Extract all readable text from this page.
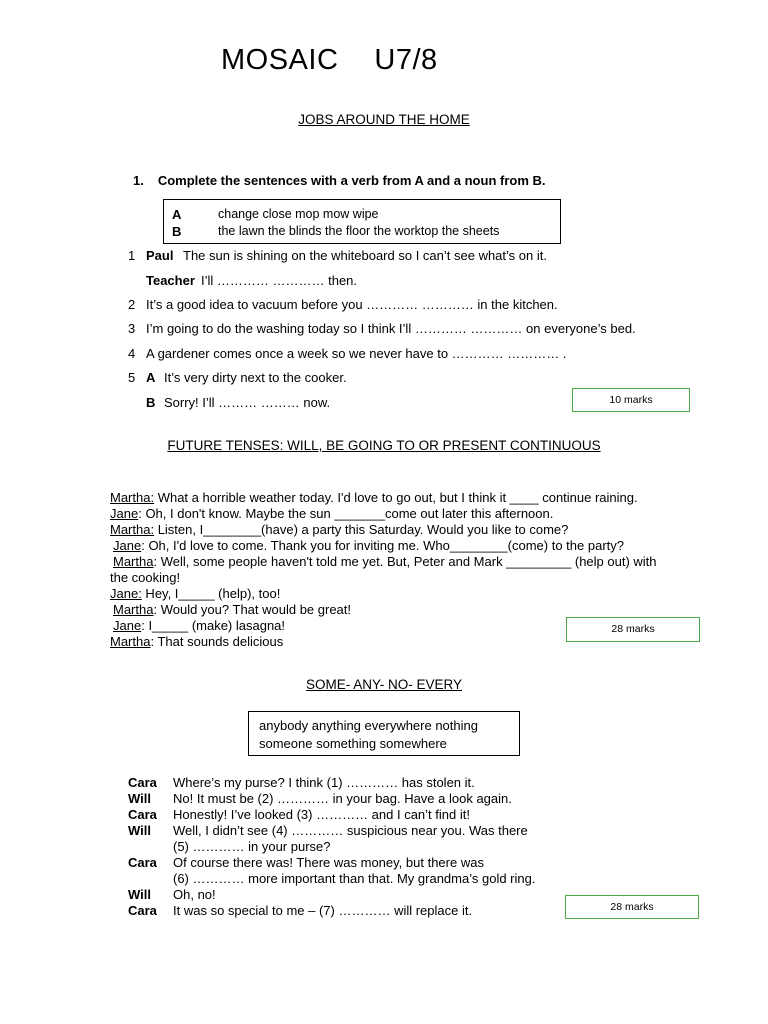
MOSAIC U7/8
JOBS AROUND THE HOME
1. Complete the sentences with a verb from A and a noun from B.
A	change close mop mow wipe
B	the lawn the blinds the floor the worktop the sheets
1 Paul The sun is shining on the whiteboard so I can’t see what’s on it.
Teacher I’ll ………… ………… then.
2 It’s a good idea to vacuum before you ………… ………… in the kitchen.
3 I’m going to do the washing today so I think I’ll ………… ………… on everyone’s bed.
4 A gardener comes once a week so we never have to ………… ………… .
5 A It’s very dirty next to the cooker.
B Sorry! I’ll ……… ……… now.	10 marks
FUTURE TENSES: WILL, BE GOING TO OR PRESENT CONTINUOUS
Martha: What a horrible weather today. I'd love to go out, but I think it ____ continue raining.
Jane: Oh, I don't know. Maybe the sun _______come out later this afternoon.
Martha: Listen, I________(have) a party this Saturday. Would you like to come?
Jane: Oh, I'd love to come. Thank you for inviting me. Who________(come) to the party?
Martha: Well, some people haven't told me yet. But, Peter and Mark _________ (help out) with
the cooking!
Jane: Hey, I_____ (help), too!
Martha: Would you? That would be great!
Jane: I_____ (make) lasagna!
Martha: That sounds delicious
28 marks
SOME- ANY- NO- EVERY
anybody anything everywhere nothing
someone something somewhere
Cara Where’s my purse? I think (1) ………… has stolen it.
Will No! It must be (2) ………… in your bag. Have a look again.
Cara Honestly! I’ve looked (3) ………… and I can’t find it!
Will Well, I didn’t see (4) ………… suspicious near you. Was there
(5) ………… in your purse?
Cara Of course there was! There was money, but there was
(6) ………… more important than that. My grandma’s gold ring.
Will Oh, no!
Cara It was so special to me – (7) ………… will replace it.	28 marks
